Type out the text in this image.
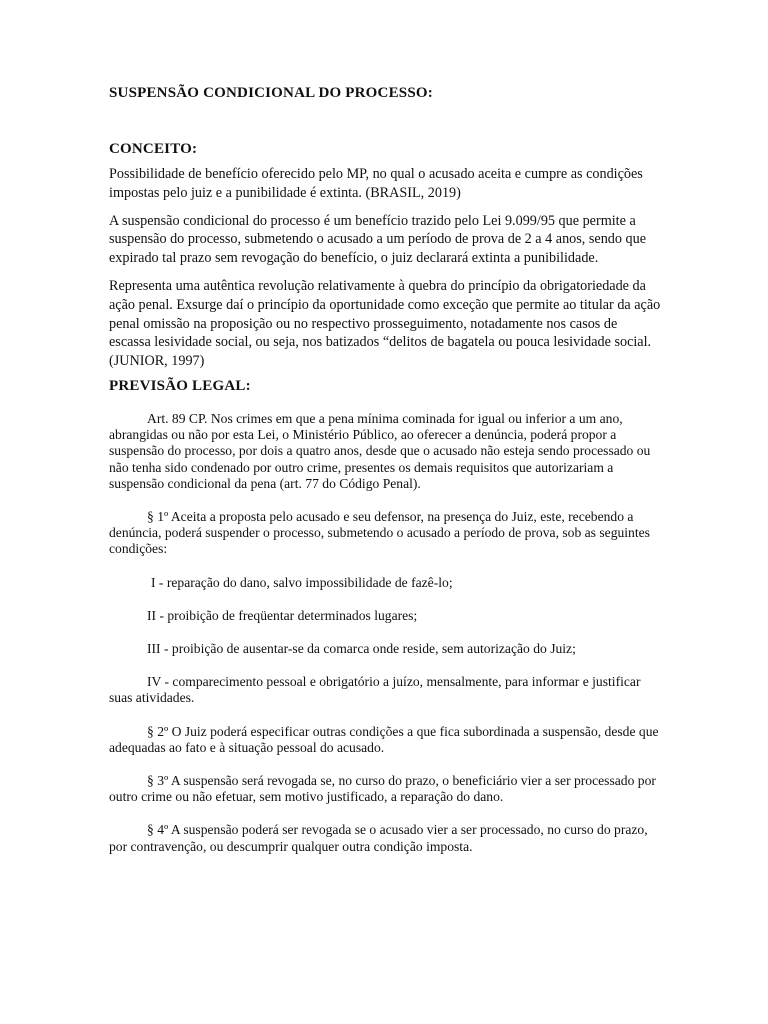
SUSPENSÃO CONDICIONAL DO PROCESSO:
CONCEITO:

Possibilidade de benefício oferecido pelo MP, no qual o acusado aceita e cumpre as condições impostas pelo juiz e a punibilidade é extinta. (BRASIL, 2019)

A suspensão condicional do processo é um benefício trazido pelo Lei 9.099/95 que permite a suspensão do processo, submetendo o acusado a um período de prova de 2 a 4 anos, sendo que expirado tal prazo sem revogação do benefício, o juiz declarará extinta a punibilidade.

Representa uma autêntica revolução relativamente à quebra do princípio da obrigatoriedade da ação penal. Exsurge daí o princípio da oportunidade como exceção que permite ao titular da ação penal omissão na proposição ou no respectivo prosseguimento, notadamente nos casos de escassa lesividade social, ou seja, nos batizados “delitos de bagatela ou pouca lesividade social. (JUNIOR, 1997)

PREVISÃO LEGAL:

Art. 89 CP. Nos crimes em que a pena mínima cominada for igual ou inferior a um ano, abrangidas ou não por esta Lei, o Ministério Público, ao oferecer a denúncia, poderá propor a suspensão do processo, por dois a quatro anos, desde que o acusado não esteja sendo processado ou não tenha sido condenado por outro crime, presentes os demais requisitos que autorizariam a suspensão condicional da pena (art. 77 do Código Penal).

§ 1º Aceita a proposta pelo acusado e seu defensor, na presença do Juiz, este, recebendo a denúncia, poderá suspender o processo, submetendo o acusado a período de prova, sob as seguintes condições:

I - reparação do dano, salvo impossibilidade de fazê-lo;

II - proibição de freqüentar determinados lugares;

III - proibição de ausentar-se da comarca onde reside, sem autorização do Juiz;

IV - comparecimento pessoal e obrigatório a juízo, mensalmente, para informar e justificar suas atividades.

§ 2º O Juiz poderá especificar outras condições a que fica subordinada a suspensão, desde que adequadas ao fato e à situação pessoal do acusado.

§ 3º A suspensão será revogada se, no curso do prazo, o beneficiário vier a ser processado por outro crime ou não efetuar, sem motivo justificado, a reparação do dano.

§ 4º A suspensão poderá ser revogada se o acusado vier a ser processado, no curso do prazo, por contravenção, ou descumprir qualquer outra condição imposta.
